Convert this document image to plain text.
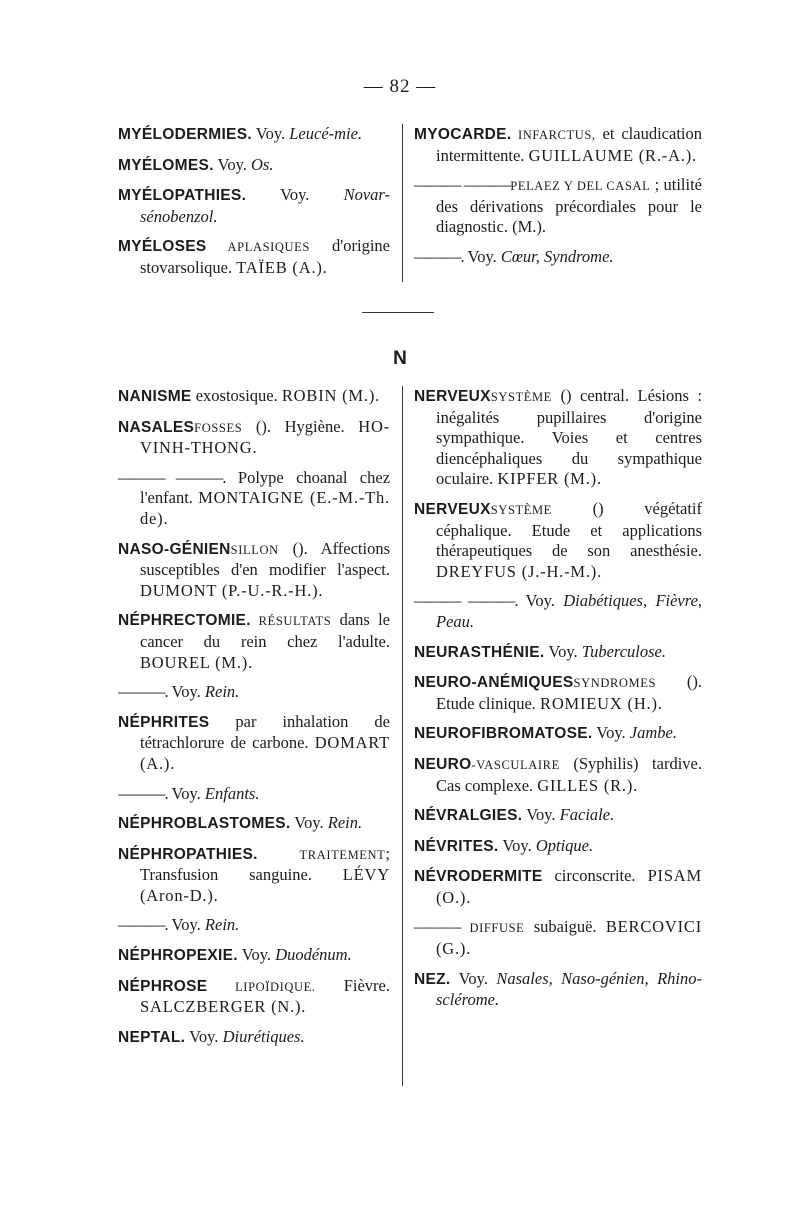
— 82 —

MYÉLODERMIES. Voy. Leucé-mie.

MYÉLOMES. Voy. Os.

MYÉLOPATHIES. Voy. Novar-sénobenzol.

MYÉLOSES APLASIQUES d'origine stovarsolique. TAÏEB (A.).

MYOCARDE. INFARCTUS, et claudication intermittente. GUILLAUME (R.-A.).

——— ———PELAEZ Y DEL CASAL ; utilité des dérivations précordiales pour le diagnostic. (M.).

———. Voy. Cœur, Syndrome.

N

NANISME exostosique. ROBIN (M.).

NASALESFOSSES (). Hygiène. HO-VINH-THONG.

——— ———. Polype choanal chez l'enfant. MONTAIGNE (E.-M.-Th. de).

NASO-GÉNIENSILLON (). Affections susceptibles d'en modifier l'aspect. DUMONT (P.-U.-R.-H.).

NÉPHRECTOMIE. RÉSULTATS dans le cancer du rein chez l'adulte. BOUREL (M.).

———. Voy. Rein.

NÉPHRITES par inhalation de tétrachlorure de carbone. DOMART (A.).

———. Voy. Enfants.

NÉPHROBLASTOMES. Voy. Rein.

NÉPHROPATHIES. TRAITEMENT; Transfusion sanguine. LÉVY (Aron-D.).

———. Voy. Rein.

NÉPHROPEXIE. Voy. Duodénum.

NÉPHROSE LIPOÏDIQUE. Fièvre. SALCZBERGER (N.).

NEPTAL. Voy. Diurétiques.

NERVEUXSYSTÈME () central. Lésions : inégalités pupillaires d'origine sympathique. Voies et centres diencéphaliques du sympathique oculaire. KIPFER (M.).

NERVEUXSYSTÈME () végétatif céphalique. Etude et applications thérapeutiques de son anesthésie. DREYFUS (J.-H.-M.).

——— ———. Voy. Diabétiques, Fièvre, Peau.

NEURASTHÉNIE. Voy. Tuberculose.

NEURO-ANÉMIQUESSYNDROMES (). Etude clinique. ROMIEUX (H.).

NEUROFIBROMATOSE. Voy. Jambe.

NEURO-VASCULAIRE (Syphilis) tardive. Cas complexe. GILLES (R.).

NÉVRALGIES. Voy. Faciale.

NÉVRITES. Voy. Optique.

NÉVRODERMITE circonscrite. PISAM (O.).

——— DIFFUSE subaiguë. BERCOVICI (G.).

NEZ. Voy. Nasales, Naso-génien, Rhino-sclérome.
